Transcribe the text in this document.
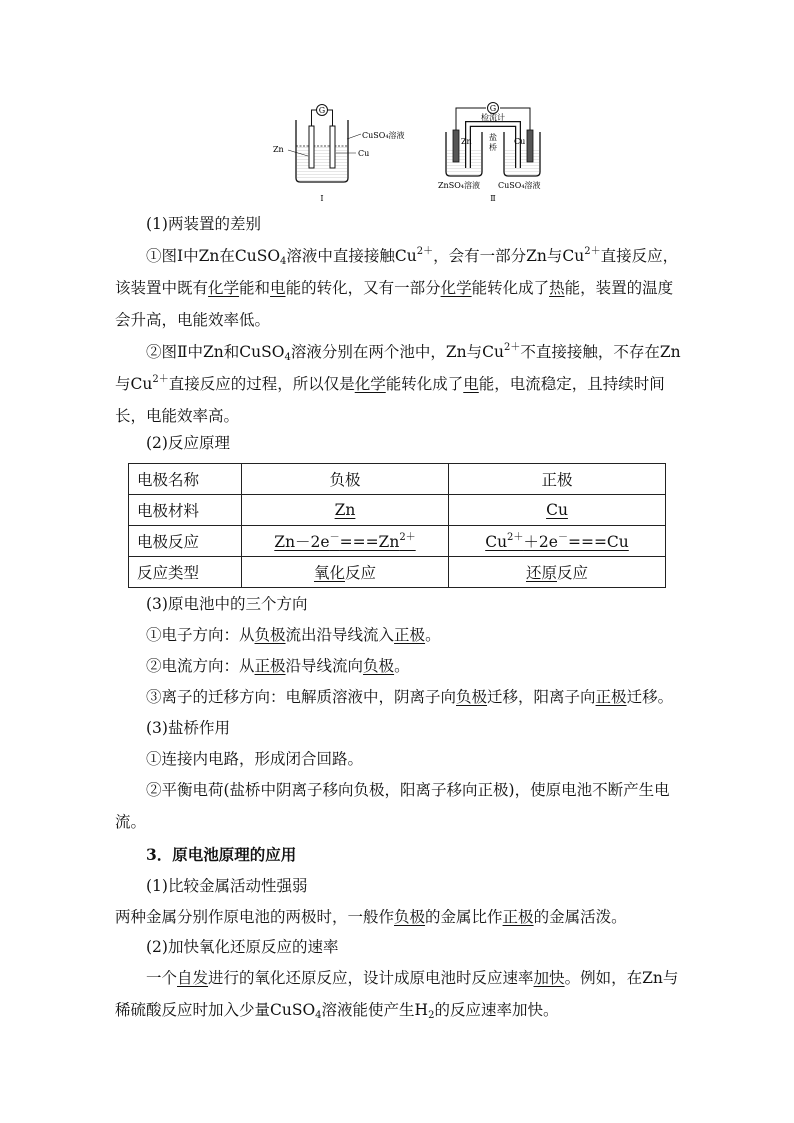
G
CuSO₄溶液
Cu
Zn
Ⅰ
G
检流计
盐
桥
Zn	Cu
ZnSO₄溶液 CuSO₄溶液
Ⅱ

(1)两装置的差别

①图Ⅰ中Zn在CuSO$_4$溶液中直接接触$Cu^{2+}$，会有一部分Zn与$Cu^{2+}$直接反应，该装置中既有化学能和电能的转化，又有一部分化学能转化成了热能，装置的温度会升高，电能效率低。

②图Ⅱ中Zn和CuSO$_4$溶液分别在两个池中，Zn与$Cu^{2+}$不直接接触，不存在Zn与$Cu^{2+}$直接反应的过程，所以仅是化学能转化成了电能，电流稳定，且持续时间长，电能效率高。

(2)反应原理

电极名称	负极	正极
电极材料	Zn	Cu
电极反应	$Zn-2e^-===Zn^{2+}$	$Cu^{2+}+2e^-===Cu$
反应类型	氧化反应	还原反应

(3)原电池中的三个方向

①电子方向：从负极流出沿导线流入正极。

②电流方向：从正极沿导线流向负极。

③离子的迁移方向：电解质溶液中，阴离子向负极迁移，阳离子向正极迁移。

(3)盐桥作用

①连接内电路，形成闭合回路。

②平衡电荷(盐桥中阴离子移向负极，阳离子移向正极)，使原电池不断产生电流。

3．原电池原理的应用

(1)比较金属活动性强弱

两种金属分别作原电池的两极时，一般作负极的金属比作正极的金属活泼。

(2)加快氧化还原反应的速率

一个自发进行的氧化还原反应，设计成原电池时反应速率加快。例如，在Zn与稀硫酸反应时加入少量CuSO$_4$溶液能使产生$H_2$的反应速率加快。
